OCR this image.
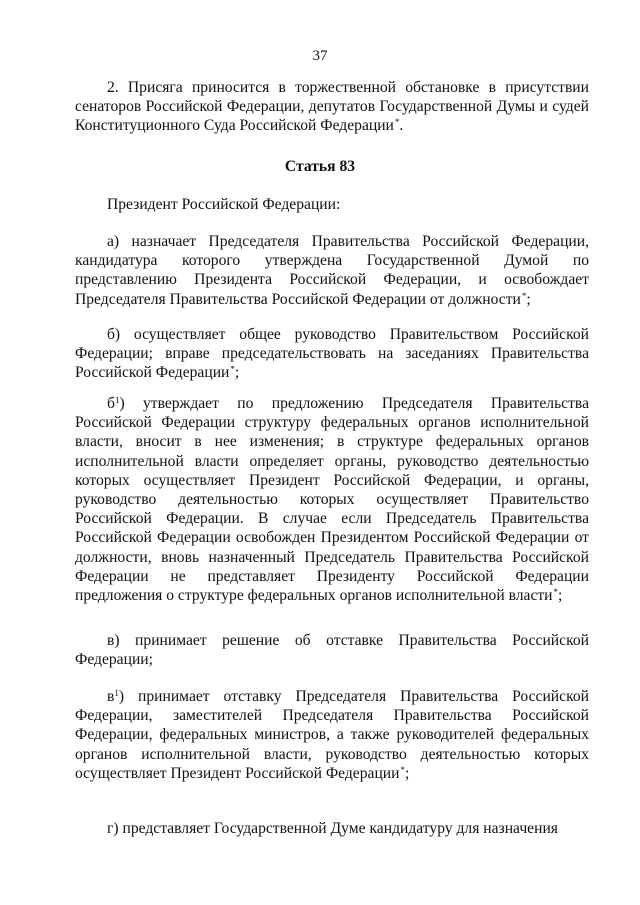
37

2. Присяга приносится в торжественной обстановке в присутствии сенаторов Российской Федерации, депутатов Государственной Думы и судей Конституционного Суда Российской Федерации*.

Статья 83

Президент Российской Федерации:

а) назначает Председателя Правительства Российской Федерации, кандидатура которого утверждена Государственной Думой по представлению Президента Российской Федерации, и освобождает Председателя Правительства Российской Федерации от должности*;

б) осуществляет общее руководство Правительством Российской Федерации; вправе председательствовать на заседаниях Правительства Российской Федерации*;

$б^1$) утверждает по предложению Председателя Правительства Российской Федерации структуру федеральных органов исполнительной власти, вносит в нее изменения; в структуре федеральных органов исполнительной власти определяет органы, руководство деятельностью которых осуществляет Президент Российской Федерации, и органы, руководство деятельностью которых осуществляет Правительство Российской Федерации. В случае если Председатель Правительства Российской Федерации освобожден Президентом Российской Федерации от должности, вновь назначенный Председатель Правительства Российской Федерации не представляет Президенту Российской Федерации предложения о структуре федеральных органов исполнительной власти*;

в) принимает решение об отставке Правительства Российской Федерации;

$в^1$) принимает отставку Председателя Правительства Российской Федерации, заместителей Председателя Правительства Российской Федерации, федеральных министров, а также руководителей федеральных органов исполнительной власти, руководство деятельностью которых осуществляет Президент Российской Федерации*;

г) представляет Государственной Думе кандидатуру для назначения
